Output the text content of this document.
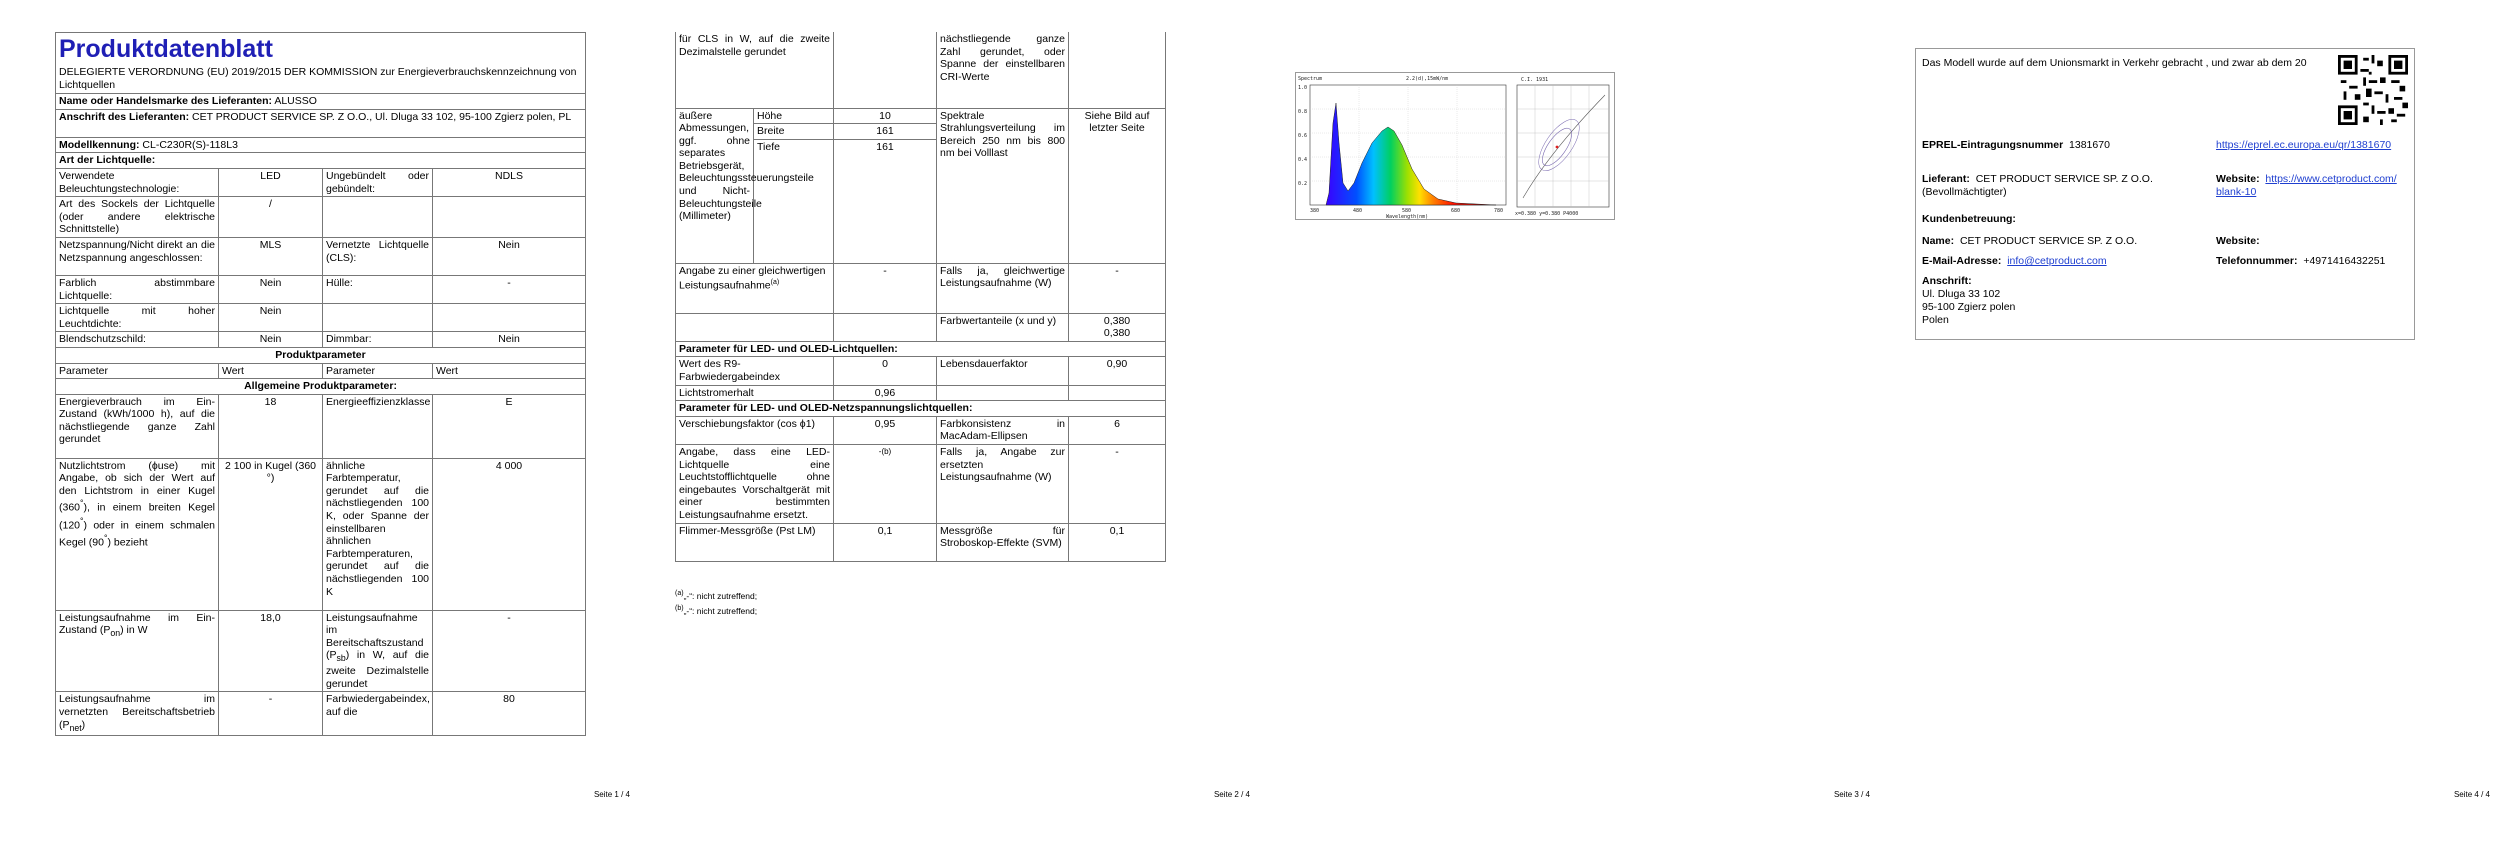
Produktdatenblatt
DELEGIERTE VERORDNUNG (EU) 2019/2015 DER KOMMISSION zur Energieverbrauchskennzeichnung von Lichtquellen			

Name oder Handelsmarke des Lieferanten: ALUSSO			
Anschrift des Lieferanten: CET PRODUCT SERVICE SP. Z O.O., Ul. Dluga 33 102, 95-100 Zgierz polen, PL			
Modellkennung: CL-C230R(S)-118L3			
Art der Lichtquelle:			
Verwendete Beleuchtungstechnologie:	LED	Ungebündelt oder gebündelt:	NDLS
Art des Sockels der Lichtquelle (oder andere elektrische Schnittstelle)	/		
Netzspannung/Nicht direkt an die Netzspannung angeschlossen:	MLS	Vernetzte Lichtquelle (CLS):	Nein
Farblich abstimmbare Lichtquelle:	Nein	Hülle:	-
Lichtquelle mit hoher Leuchtdichte:	Nein		
Blendschutzschild:	Nein	Dimmbar:	Nein
Produktparameter			
Parameter	Wert	Parameter	Wert
Allgemeine Produktparameter:			
Energieverbrauch im Ein-Zustand (kWh/1000 h), auf die nächstliegende ganze Zahl gerundet	18	Energieeffizienzklasse	E
Nutzlichtstrom (ϕuse) mit Angabe, ob sich der Wert auf den Lichtstrom in einer Kugel (360°), in einem breiten Kegel (120°) oder in einem schmalen Kegel (90°) bezieht	2 100 in Kugel (360 °)	ähnliche Farbtemperatur, gerundet auf die nächstliegenden 100 K, oder Spanne der einstellbaren ähnlichen Farbtemperaturen, gerundet auf die nächstliegenden 100 K	4 000
Leistungsaufnahme im Ein-Zustand $(P_{on})$ in W	18,0	Leistungsaufnahme im Bereitschaftszustand $(P_{sb})$ in W, auf die zweite Dezimalstelle gerundet	-
Leistungsaufnahme im vernetzten Bereitschaftsbetrieb $(P_{net})$	-	Farbwiedergabeindex, auf die	80
Seite 1 / 4
für CLS in W, auf die zweite Dezimalstelle gerundet			nächstliegende ganze Zahl gerundet, oder Spanne der einstellbaren CRI-Werte	
äußere Abmessungen, ggf. ohne separates Betriebsgerät, Beleuchtungssteuerungsteile und Nicht-Beleuchtungsteile (Millimeter)	Höhe	10	Spektrale Strahlungsverteilung im Bereich 250 nm bis 800 nm bei Volllast	Siehe Bild auf letzter Seite
	Breite	161		
	Tiefe	161		
Angabe zu einer gleichwertigen Leistungsaufnahme$^{(a)}$		-	Falls ja, gleichwertige Leistungsaufnahme (W)	-
			Farbwertanteile (x und y)	0,380
0,380

Parameter für LED- und OLED-Lichtquellen:				
Wert des R9-Farbwiedergabeindex		0	Lebensdauerfaktor	0,90
Lichtstromerhalt		0,96		
Parameter für LED- und OLED-Netzspannungslichtquellen:				
Verschiebungsfaktor (cos ϕ1)		0,95	Farbkonsistenz in MacAdam-Ellipsen	6
Angabe, dass eine LED-Lichtquelle eine Leuchtstofflichtquelle ohne eingebautes Vorschaltgerät mit einer bestimmten Leistungsaufnahme ersetzt.		-(b)	Falls ja, Angabe zur ersetzten Leistungsaufnahme (W)	-
Flimmer-Messgröße (Pst LM)		0,1	Messgröße für Stroboskop-Effekte (SVM)	0,1
$^{(a)}$„-“: nicht zutreffend;
$^{(b)}$„-“: nicht zutreffend;
Seite 2 / 4
Spectrum	2.2(d),15mW/nm
1.0
0.8
0.6
0.4
0.2
380	480	580	680	780
Wavelength(nm)
C.I. 1931
x=0.380 y=0.380 P4000
Seite 3 / 4
Das Modell wurde auf dem Unionsmarkt in Verkehr gebracht , und zwar ab dem 20
EPREL-Eintragungsnummer 1381670	https://eprel.ec.europa.eu/qr/1381670
Lieferant: CET PRODUCT SERVICE SP. Z O.O. (Bevollmächtigter)
Website: https://www.cetproduct.com/blank-10
Kundenbetreuung:
Name: CET PRODUCT SERVICE SP. Z O.O.	Website:
E-Mail-Adresse: info@cetproduct.com	Telefonnummer: +4971416432251
Anschrift:
Ul. Dluga 33 102
95-100 Zgierz polen
Polen
Seite 4 / 4
